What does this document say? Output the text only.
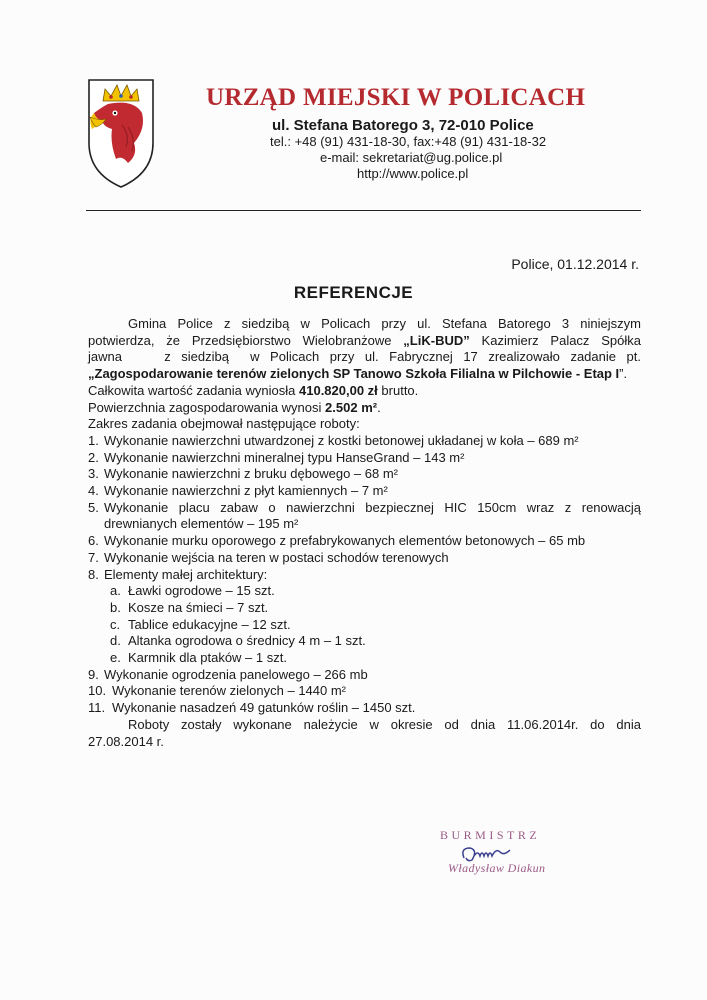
URZĄD MIEJSKI W POLICACH
ul. Stefana Batorego 3, 72-010 Police
tel.: +48 (91) 431-18-30, fax:+48 (91) 431-18-32
e-mail: sekretariat@ug.police.pl
http://www.police.pl
Police, 01.12.2014 r.
REFERENCJE
Gmina Police z siedzibą w Policach przy ul. Stefana Batorego 3 niniejszym
potwierdza, że Przedsiębiorstwo Wielobranżowe „LiK-BUD” Kazimierz Palacz Spółka
jawna    z siedzibą  w Policach przy ul. Fabrycznej 17 zrealizowało zadanie pt.
„Zagospodarowanie terenów zielonych SP Tanowo Szkoła Filialna w Pilchowie - Etap I”.
Całkowita wartość zadania wyniosła 410.820,00 zł brutto.
Powierzchnia zagospodarowania wynosi 2.502 m².
Zakres zadania obejmował następujące roboty:
1. Wykonanie nawierzchni utwardzonej z kostki betonowej układanej w koła – 689 m²
2. Wykonanie nawierzchni mineralnej typu HanseGrand – 143 m²
3. Wykonanie nawierzchni z bruku dębowego – 68 m²
4. Wykonanie nawierzchni z płyt kamiennych – 7 m²
5. Wykonanie placu zabaw o nawierzchni bezpiecznej HIC 150cm wraz z renowacją
drewnianych elementów – 195 m²
6. Wykonanie murku oporowego z prefabrykowanych elementów betonowych – 65 mb
7. Wykonanie wejścia na teren w postaci schodów terenowych
8. Elementy małej architektury:
a. Ławki ogrodowe – 15 szt.
b. Kosze na śmieci – 7 szt.
c. Tablice edukacyjne – 12 szt.
d. Altanka ogrodowa o średnicy 4 m – 1 szt.
e. Karmnik dla ptaków – 1 szt.
9. Wykonanie ogrodzenia panelowego – 266 mb
10. Wykonanie terenów zielonych – 1440 m²
11. Wykonanie nasadzeń 49 gatunków roślin – 1450 szt.
Roboty zostały wykonane należycie w okresie od dnia 11.06.2014r. do dnia
27.08.2014 r.
BURMISTRZ
Władysław Diakun
